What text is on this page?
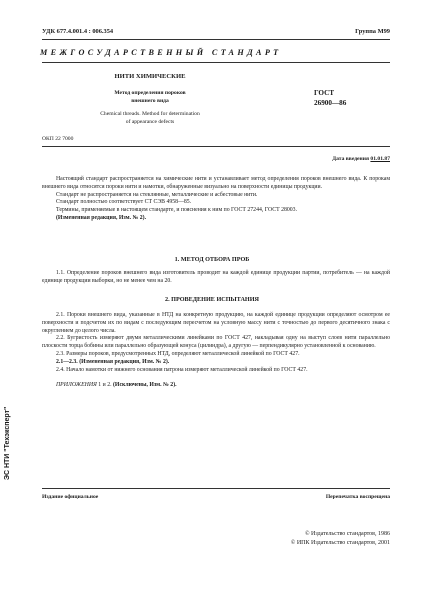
УДК 677.4.001.4 : 006.354	Группа М99
МЕЖГОСУДАРСТВЕННЫЙ СТАНДАРТ
НИТИ ХИМИЧЕСКИЕ
Метод определения пороков
внешнего вида
Chemical threads. Method for determination
of appearance defects
ГОСТ
26900—86
ОКП 22 7000
Дата введения 01.01.87

Настоящий стандарт распространяется на химические нити и устанавливает метод определения пороков внешнего вида. К порокам внешнего вида относятся пороки нити и намотки, обнаруженные визуально на поверхности единицы продукции.

Стандарт не распространяется на стеклянные, металлические и асбестовые нити.

Стандарт полностью соответствует СТ СЭВ 4958—85.

Термины, применяемые в настоящем стандарте, и пояснения к ним по ГОСТ 27244, ГОСТ 28003.

(Измененная редакция, Изм. № 2).

1. МЕТОД ОТБОРА ПРОБ

1.1. Определение пороков внешнего вида изготовитель проводит на каждой единице продукции партии, потребитель — на каждой единице продукции выборки, но не менее чем на 20.

2. ПРОВЕДЕНИЕ ИСПЫТАНИЯ

2.1. Пороки внешнего вида, указанные в НТД на конкретную продукцию, на каждой единице продукции определяют осмотром ее поверхности и подсчетом их по видам с последующим пересчетом на условную массу нити с точностью до первого десятичного знака с округлением до целого числа.

2.2. Бугристость измеряют двумя металлическими линейками по ГОСТ 427, накладывая одну на выступ слоев нити параллельно плоскости торца бобины или параллельно образующей конуса (цилиндра), а другую — перпендикулярно установленной к основанию.

2.3. Размеры пороков, предусмотренных НТД, определяют металлической линейкой по ГОСТ 427.

2.1—2.3. (Измененная редакция, Изм. № 2).

2.4. Начало намотки от нижнего основания патрона измеряют металлической линейкой по ГОСТ 427.

ПРИЛОЖЕНИЯ 1 и 2. (Исключены, Изм. № 2).

ЭС НТИ "Техэксперт"
Издание официальное	Перепечатка воспрещена
© Издательство стандартов, 1986
© ИПК Издательство стандартов, 2001
